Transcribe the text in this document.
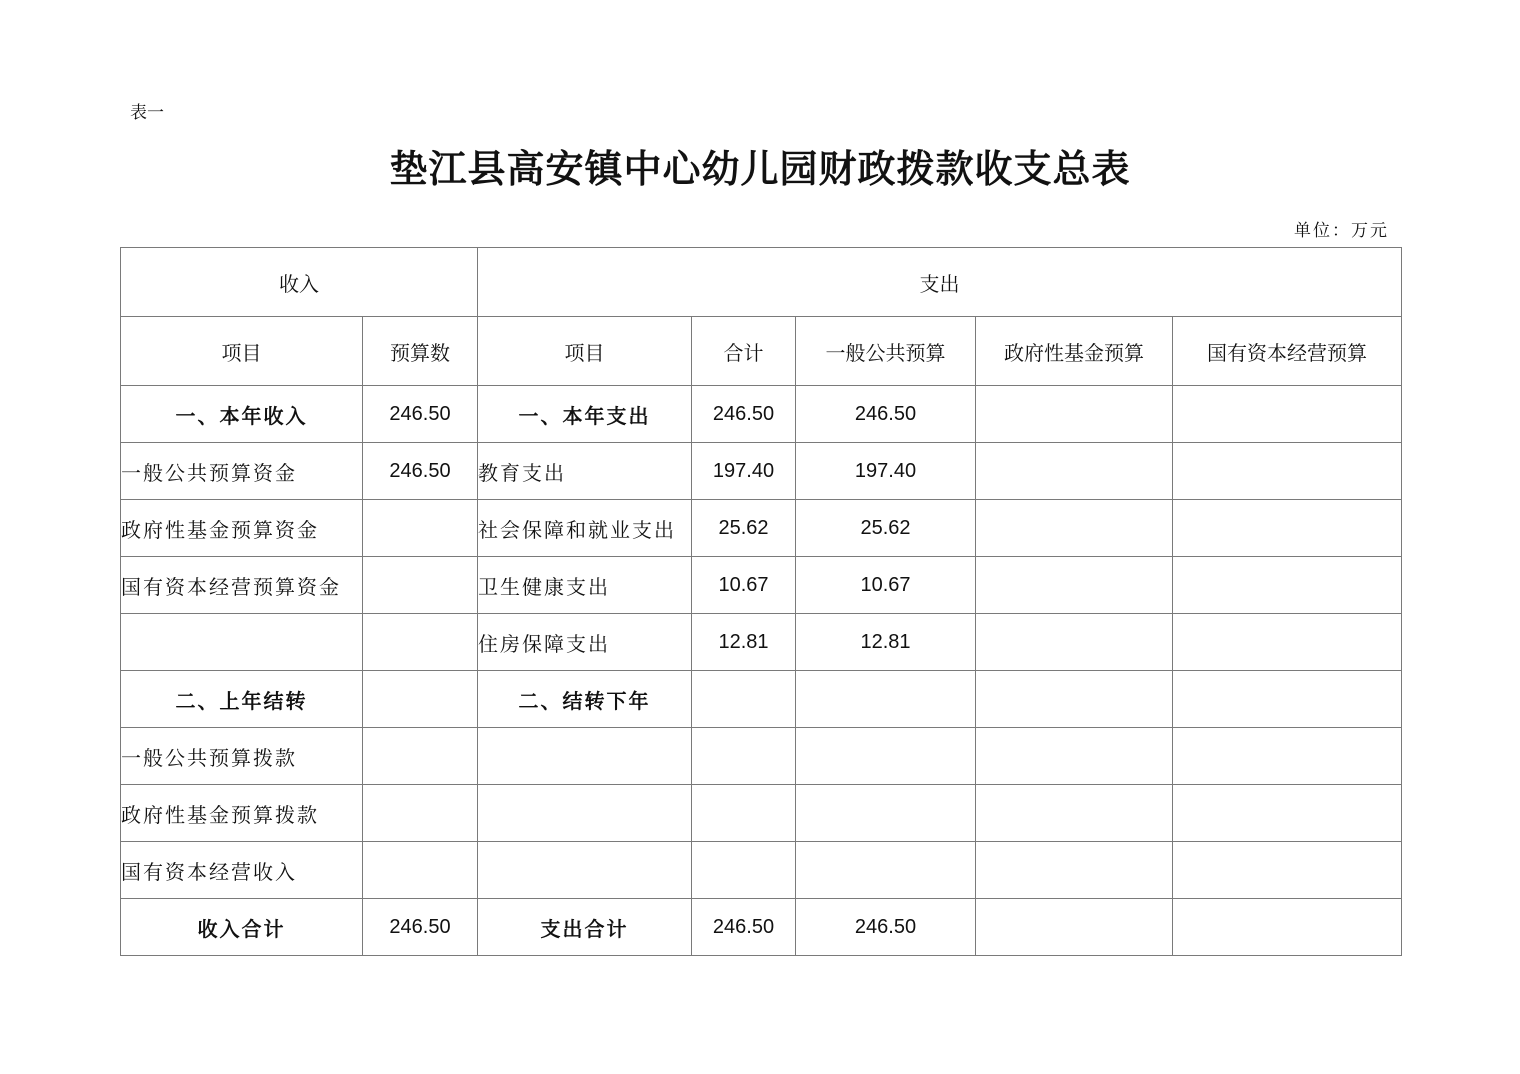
表一
垫江县高安镇中心幼儿园财政拨款收支总表
单位：万元
收入		支出				
项目	预算数	项目	合计	一般公共预算	政府性基金预算	国有资本经营预算
一、本年收入	246.50	一、本年支出	246.50	246.50		
一般公共预算资金	246.50	教育支出	197.40	197.40		
政府性基金预算资金		社会保障和就业支出	25.62	25.62		
国有资本经营预算资金		卫生健康支出	10.67	10.67		
		住房保障支出	12.81	12.81		
二、上年结转		二、结转下年				
一般公共预算拨款						
政府性基金预算拨款						
国有资本经营收入						
收入合计	246.50	支出合计	246.50	246.50		
